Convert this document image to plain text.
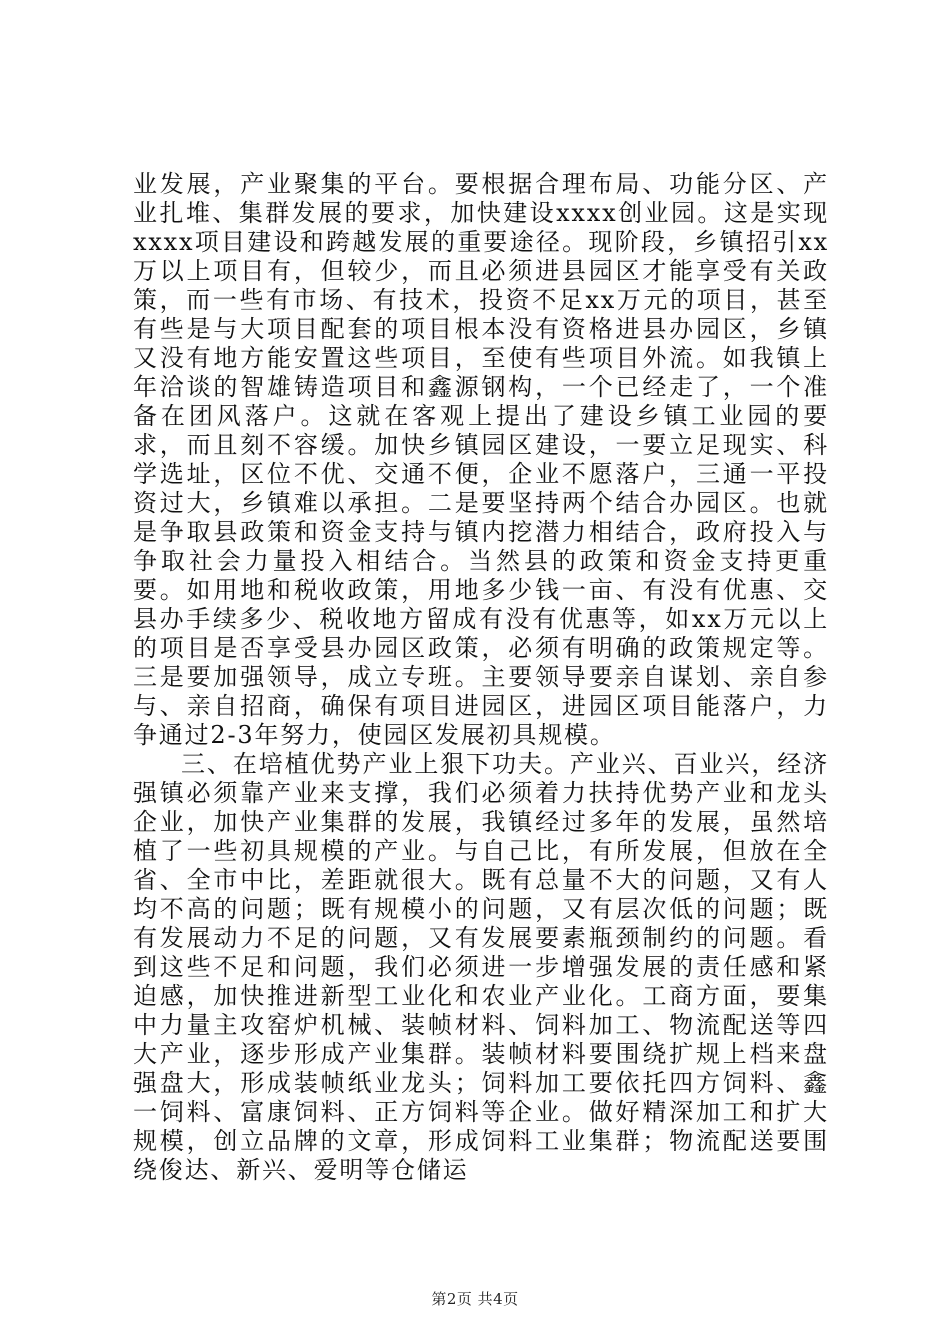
业发展，产业聚集的平台。要根据合理布局、功能分区、产业扎堆、集群发展的要求，加快建设xxxx创业园。这是实现xxxx项目建设和跨越发展的重要途径。现阶段，乡镇招引xx万以上项目有，但较少，而且必须进县园区才能享受有关政策，而一些有市场、有技术，投资不足xx万元的项目，甚至有些是与大项目配套的项目根本没有资格进县办园区，乡镇又没有地方能安置这些项目，至使有些项目外流。如我镇上年洽谈的智雄铸造项目和鑫源钢构，一个已经走了，一个准备在团风落户。这就在客观上提出了建设乡镇工业园的要求，而且刻不容缓。加快乡镇园区建设，一要立足现实、科学选址，区位不优、交通不便，企业不愿落户，三通一平投资过大，乡镇难以承担。二是要坚持两个结合办园区。也就是争取县政策和资金支持与镇内挖潜力相结合，政府投入与争取社会力量投入相结合。当然县的政策和资金支持更重要。如用地和税收政策，用地多少钱一亩、有没有优惠、交县办手续多少、税收地方留成有没有优惠等，如xx万元以上的项目是否享受县办园区政策，必须有明确的政策规定等。三是要加强领导，成立专班。主要领导要亲自谋划、亲自参与、亲自招商，确保有项目进园区，进园区项目能落户，力争通过2-3年努力，使园区发展初具规模。

三、在培植优势产业上狠下功夫。产业兴、百业兴，经济强镇必须靠产业来支撑，我们必须着力扶持优势产业和龙头企业，加快产业集群的发展，我镇经过多年的发展，虽然培植了一些初具规模的产业。与自己比，有所发展，但放在全省、全市中比，差距就很大。既有总量不大的问题，又有人均不高的问题；既有规模小的问题，又有层次低的问题；既有发展动力不足的问题，又有发展要素瓶颈制约的问题。看到这些不足和问题，我们必须进一步增强发展的责任感和紧迫感，加快推进新型工业化和农业产业化。工商方面，要集中力量主攻窑炉机械、装帧材料、饲料加工、物流配送等四大产业，逐步形成产业集群。装帧材料要围绕扩规上档来盘强盘大，形成装帧纸业龙头；饲料加工要依托四方饲料、鑫一饲料、富康饲料、正方饲料等企业。做好精深加工和扩大规模，创立品牌的文章，形成饲料工业集群；物流配送要围绕俊达、新兴、爱明等仓储运

第2页 共4页
